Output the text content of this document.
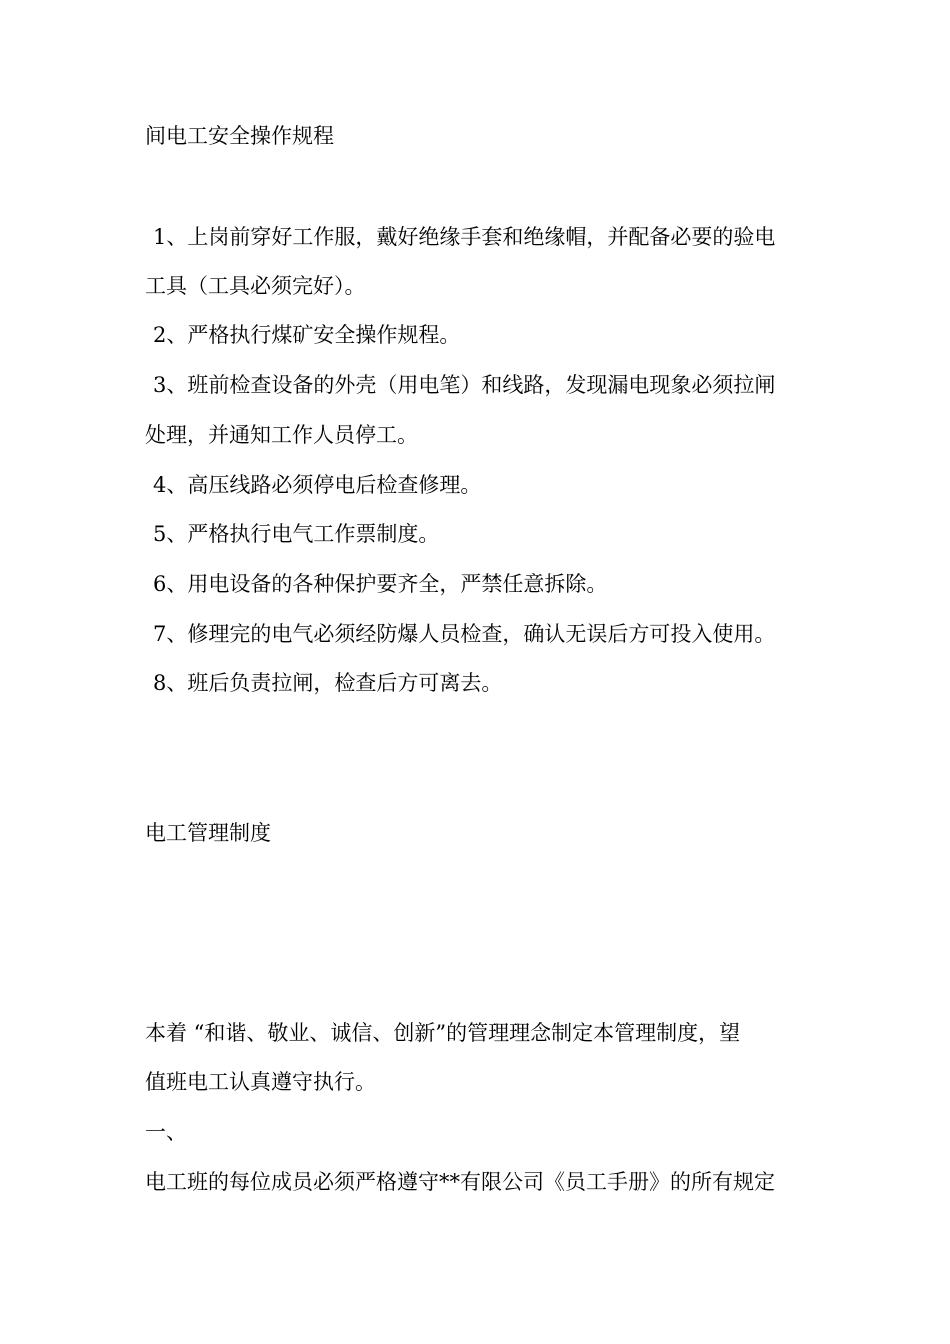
间电工安全操作规程
1、上岗前穿好工作服，戴好绝缘手套和绝缘帽，并配备必要的验电
工具（工具必须完好）。
2、严格执行煤矿安全操作规程。
3、班前检查设备的外壳（用电笔）和线路，发现漏电现象必须拉闸
处理，并通知工作人员停工。
4、高压线路必须停电后检查修理。
5、严格执行电气工作票制度。
6、用电设备的各种保护要齐全，严禁任意拆除。
7、修理完的电气必须经防爆人员检查，确认无误后方可投入使用。
8、班后负责拉闸，检查后方可离去。
电工管理制度
本着 “和谐、敬业、诚信、创新”的管理理念制定本管理制度，望
值班电工认真遵守执行。
一、
电工班的每位成员必须严格遵守**有限公司《员工手册》的所有规定
